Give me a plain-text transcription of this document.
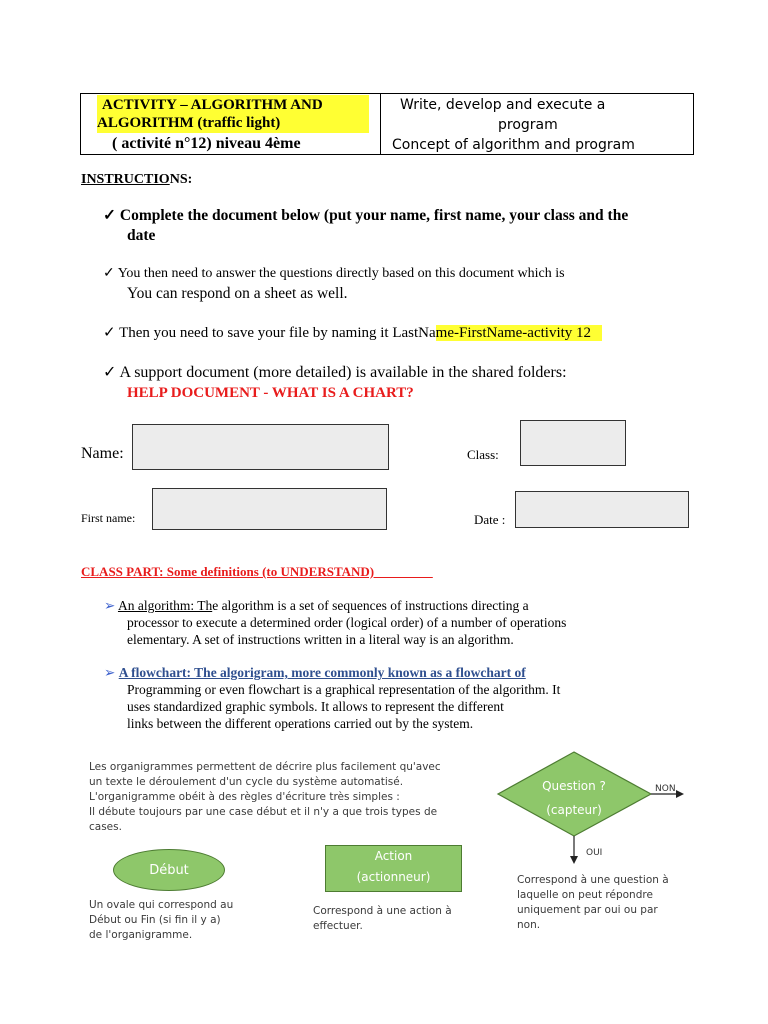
ACTIVITY – ALGORITHM AND
ALGORITHM (traffic light)
( activité n°12) niveau 4ème
Write, develop and execute a
program
Concept of algorithm and program
INSTRUCTIONS:
✓ Complete the document below (put your name, first name, your class and the
date
✓ You then need to answer the questions directly based on this document which is
You can respond on a sheet as well.
✓ Then you need to save your file by naming it LastName-FirstName-activity 12
✓ A support document (more detailed) is available in the shared folders:
HELP DOCUMENT - WHAT IS A CHART?
Name:	Class:
First name:	Date :
CLASS PART: Some definitions (to UNDERSTAND)_________
➢ An algorithm: The algorithm is a set of sequences of instructions directing a
processor to execute a determined order (logical order) of a number of operations
elementary. A set of instructions written in a literal way is an algorithm.
➢ A flowchart: The algorigram, more commonly known as a flowchart of
Programming or even flowchart is a graphical representation of the algorithm. It
uses standardized graphic symbols. It allows to represent the different
links between the different operations carried out by the system.
Les organigrammes permettent de décrire plus facilement qu'avec
un texte le déroulement d'un cycle du système automatisé.
L'organigramme obéit à des règles d'écriture très simples :
Il débute toujours par une case début et il n'y a que trois types de
cases.
Début
Un ovale qui correspond au
Début ou Fin (si fin il y a)
de l'organigramme.
Action
(actionneur)
Correspond à une action à
effectuer.
Question ?
(capteur)
NON
OUI
Correspond à une question à
laquelle on peut répondre
uniquement par oui ou par
non.
